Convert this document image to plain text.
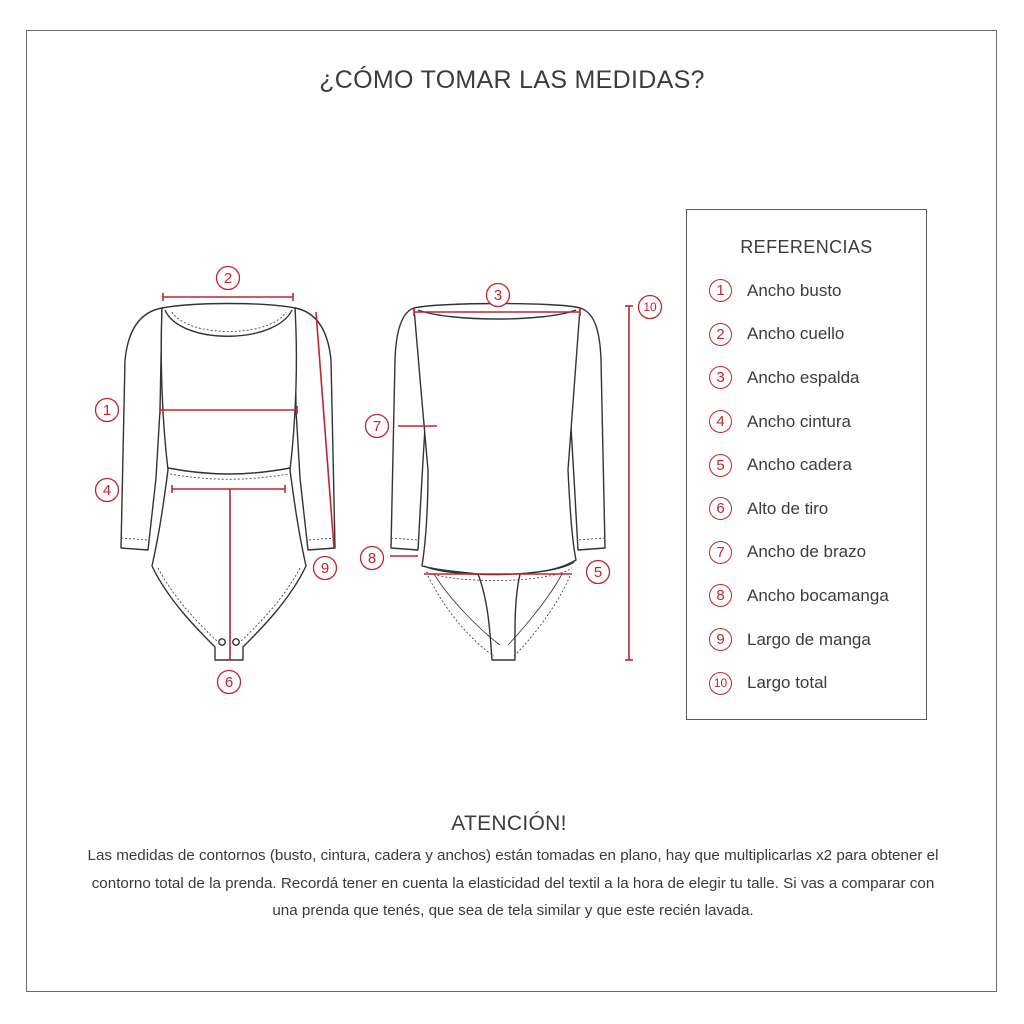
¿CÓMO TOMAR LAS MEDIDAS?
2
1
4
9
6
3
7
8
5
10
REFERENCIAS
1	Ancho busto
2	Ancho cuello
3	Ancho espalda
4	Ancho cintura
5	Ancho cadera
6	Alto de tiro
7	Ancho de brazo
8	Ancho bocamanga
9	Largo de manga
10 Largo total
ATENCIÓN!

Las medidas de contornos (busto, cintura, cadera y anchos) están tomadas en plano, hay que multiplicarlas x2 para obtener el contorno total de la prenda. Recordá tener en cuenta la elasticidad del textil a la hora de elegir tu talle. Si vas a comparar con una prenda que tenés, que sea de tela similar y que este recién lavada.
